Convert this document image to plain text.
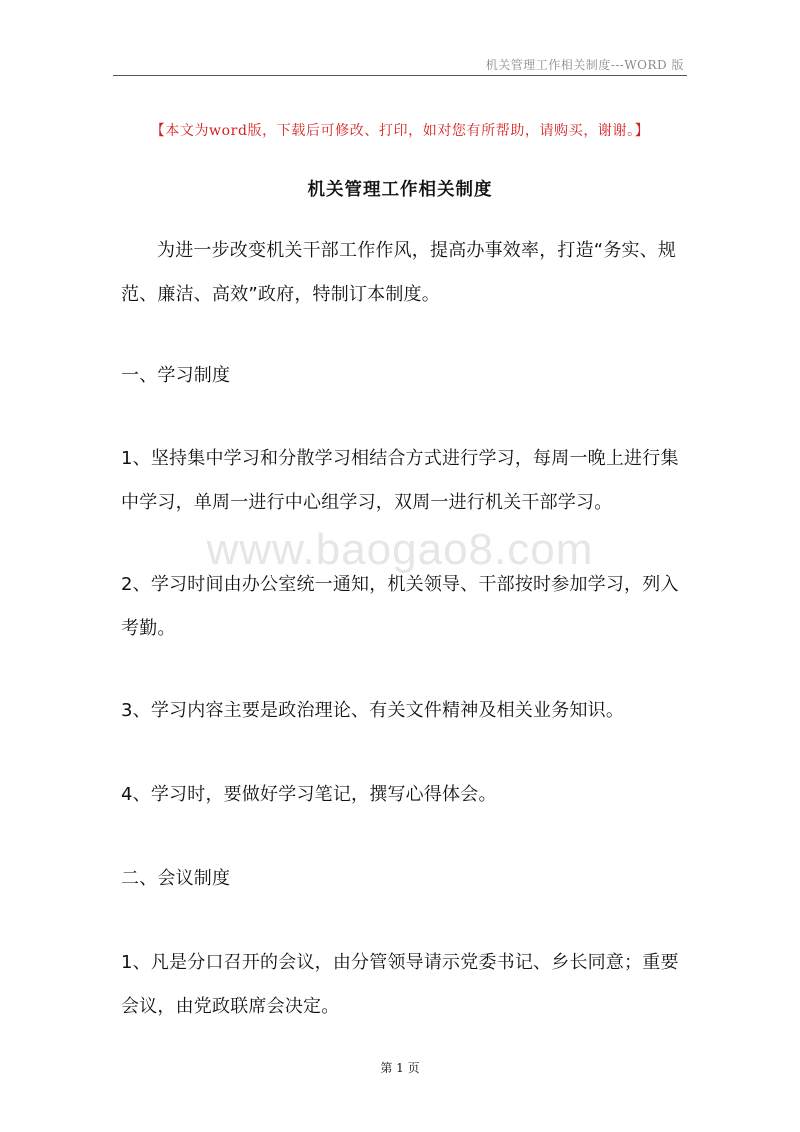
机关管理工作相关制度---WORD 版
【本文为word版，下载后可修改、打印，如对您有所帮助，请购买，谢谢。】
机关管理工作相关制度

为进一步改变机关干部工作作风，提高办事效率，打造“务实、规范、廉洁、高效”政府，特制订本制度。

一、学习制度

1、坚持集中学习和分散学习相结合方式进行学习，每周一晚上进行集中学习，单周一进行中心组学习，双周一进行机关干部学习。

www.baogao8.com

2、学习时间由办公室统一通知，机关领导、干部按时参加学习，列入考勤。

3、学习内容主要是政治理论、有关文件精神及相关业务知识。

4、学习时，要做好学习笔记，撰写心得体会。

二、会议制度

1、凡是分口召开的会议，由分管领导请示党委书记、乡长同意；重要会议，由党政联席会决定。

第 1 页
